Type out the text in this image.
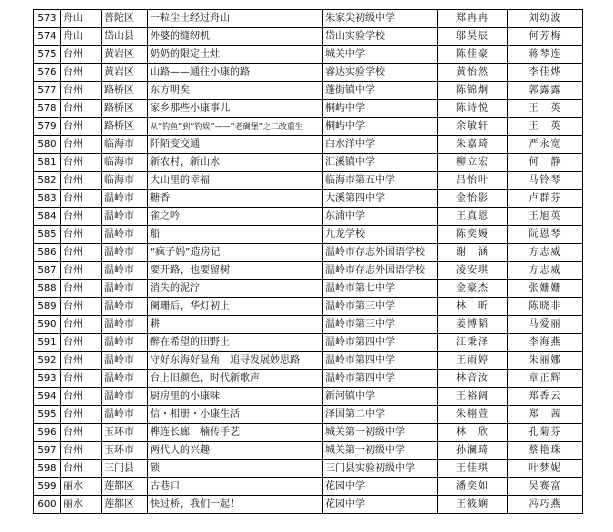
573	舟山	普陀区	一粒尘土经过舟山	朱家尖初级中学	郑冉冉	刘幼波
574	舟山	岱山县	外婆的缝纫机	岱山实验学校	邬昊辰	何芳梅
575	台州	黄岩区	奶奶的限定土灶	城关中学	陈佳豪	蒋琴连
576	台州	黄岩区	山路——通往小康的路	睿达实验学校	黄怡然	李佳烨
577	台州	路桥区	东方明矣	蓬街镇中学	陈锦炯	郭露露
578	台州	路桥区	家乡那些小康事儿	桐屿中学	陈诗悦	王　英
579	台州	路桥区	从“钓鱼”到“钓娱”——“老碉堡”之二改重生	桐屿中学	余敏轩	王　英
580	台州	临海市	阡陌变交通	白水洋中学	朱嘉琦	严永宽
581	台州	临海市	新农村，新山水	汇溪镇中学	柳立宏	何　静
582	台州	临海市	大山里的幸福	临海市第五中学	吕怡叶	马铃琴
583	台州	温岭市	糖香	大溪第四中学	金怡影	卢群芬
584	台州	温岭市	雀之吟	东浦中学	王真恩	王旭英
585	台州	温岭市	船	九龙学校	陈奕嫚	阮恩琴
586	台州	温岭市	“疯子妈”造房记	温岭市存志外国语学校	谢　涵	方志威
587	台州	温岭市	要开路，也要留树	温岭市存志外国语学校	凌安琪	方志威
588	台州	温岭市	消失的泥泞	温岭市第七中学	金豪杰	张姗姗
589	台州	温岭市	阑珊后，华灯初上	温岭市第三中学	林　昕	陈晓非
590	台州	温岭市	耕	温岭市第三中学	姜博韬	马爱丽
591	台州	温岭市	醉在希望的田野上	温岭市第四中学	江秉泽	李海燕
592	台州	温岭市	守好东海好显角　追寻发展妙思路	温岭市第四中学	王雨婷	朱丽娜
593	台州	温岭市	台上旧颜色，时代新歌声	温岭市第四中学	林音汝	章正辉
594	台州	温岭市	厨房里的小康味	新河镇中学	王裕阔	郑香云
595	台州	温岭市	信・相册・小康生活	泽国第二中学	朱栩萱	郑　茜
596	台州	玉环市	榫连长廊　楠传手艺	城关第一初级中学	林　欣	孔菊芬
597	台州	玉环市	两代人的兴趣	城关第一初级中学	孙澜琦	蔡艳珠
598	台州	三门县	锁	三门县实验初级中学	王佳琪	叶梦妮
599	丽水	莲都区	古巷口	花园中学	潘奕如	吴赛富
600	丽水	莲都区	快过桥，我们一起！	花园中学	王筱娴	冯巧燕
